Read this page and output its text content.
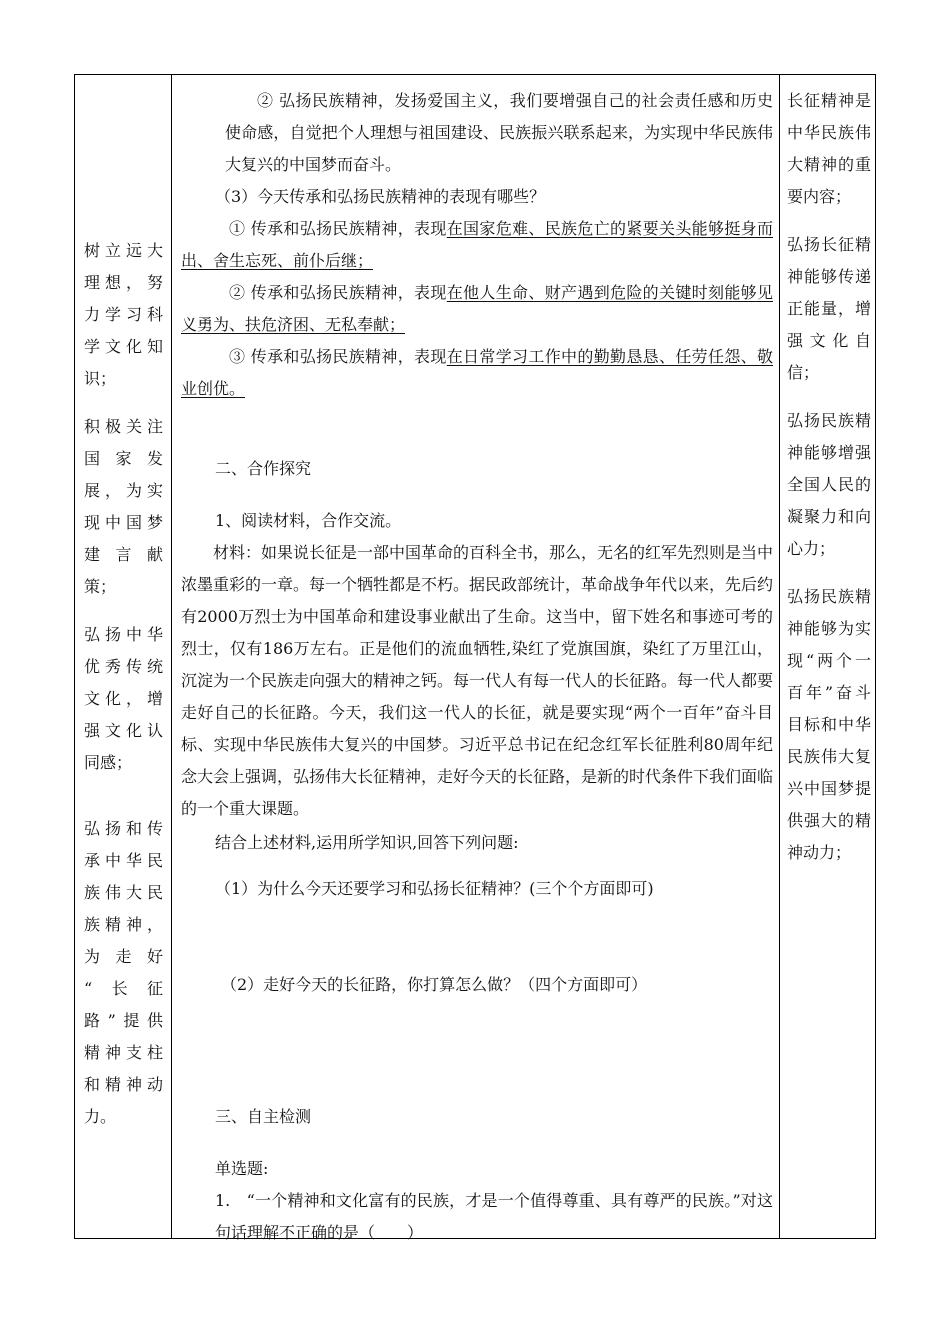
树立远大

理想，努

力学习科

学文化知

识；

积极关注

国家发

展，为实

现中国梦

建言献

策；

弘扬中华

优秀传统

文化，增

强文化认

同感；

弘扬和传

承中华民

族伟大民

族精神，

为走好

“长征

路”提供

精神支柱

和精神动

力。

② 弘扬民族精神，发扬爱国主义，我们要增强自己的社会责任感和历史使命感，自觉把个人理想与祖国建设、民族振兴联系起来，为实现中华民族伟大复兴的中国梦而奋斗。

（3）今天传承和弘扬民族精神的表现有哪些？

① 传承和弘扬民族精神，表现在国家危难、民族危亡的紧要关头能够挺身而出、舍生忘死、前仆后继；

② 传承和弘扬民族精神，表现在他人生命、财产遇到危险的关键时刻能够见义勇为、扶危济困、无私奉献；

③ 传承和弘扬民族精神，表现在日常学习工作中的勤勤恳恳、任劳任怨、敬业创优。

二、合作探究
1、阅读材料，合作交流。

材料：如果说长征是一部中国革命的百科全书，那么，无名的红军先烈则是当中浓墨重彩的一章。每一个牺牲都是不朽。据民政部统计，革命战争年代以来，先后约有2000万烈士为中国革命和建设事业献出了生命。这当中，留下姓名和事迹可考的烈士，仅有186万左右。正是他们的流血牺牲,染红了党旗国旗，染红了万里江山，沉淀为一个民族走向强大的精神之钙。每一代人有每一代人的长征路。每一代人都要走好自己的长征路。今天，我们这一代人的长征，就是要实现“两个一百年”奋斗目标、实现中华民族伟大复兴的中国梦。习近平总书记在纪念红军长征胜利80周年纪念大会上强调，弘扬伟大长征精神，走好今天的长征路，是新的时代条件下我们面临的一个重大课题。

结合上述材料,运用所学知识,回答下列问题:
（1）为什么今天还要学习和弘扬长征精神？(三个个方面即可)
（2）走好今天的长征路，你打算怎么做？（四个方面即可）
三、自主检测
单选题:

1.　“一个精神和文化富有的民族，才是一个值得尊重、具有尊严的民族。”对这句话理解不正确的是（　　）

长征精神是

中华民族伟

大精神的重

要内容；

弘扬长征精

神能够传递

正能量，增

强文化自

信；

弘扬民族精

神能够增强

全国人民的

凝聚力和向

心力；

弘扬民族精

神能够为实

现“两个一

百年”奋斗

目标和中华

民族伟大复

兴中国梦提

供强大的精

神动力；
